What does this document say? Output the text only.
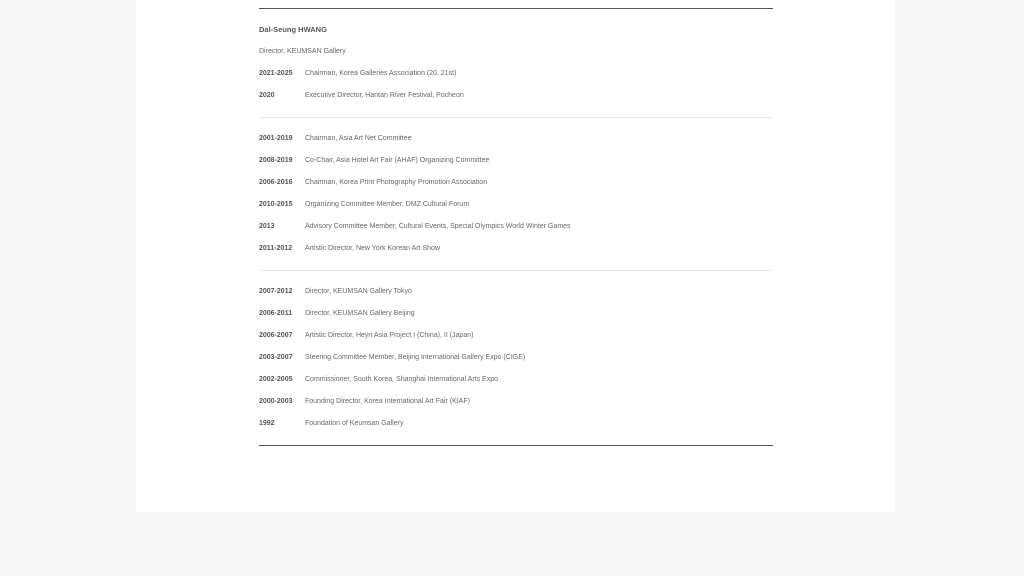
Dal-Seung HWANG
Director, KEUMSAN Gallery
2021-2025	Chairman, Korea Galleries Association (20, 21st)
2020	Executive Director, Hantan River Festival, Pocheon
2001-2019	Chairman, Asia Art Net Committee
2008-2019	Co-Chair, Asia Hotel Art Fair (AHAF) Organizing Committee
2006-2016	Chairman, Korea Print Photography Promotion Association
2010-2015	Organizing Committee Member, DMZ Cultural Forum
2013	Advisory Committee Member, Cultural Events, Special Olympics World Winter Games
2011-2012	Artistic Director, New York Korean Art Show
2007-2012	Director, KEUMSAN Gallery Tokyo
2006-2011	Director, KEUMSAN Gallery Beijing
2006-2007	Artistic Director, Heyri Asia Project I (China), II (Japan)
2003-2007	Steering Committee Member, Beijing International Gallery Expo (CIGE)
2002-2005	Commissioner, South Korea, Shanghai International Arts Expo
2000-2003	Founding Director, Korea International Art Fair (KIAF)
1992	Foundation of Keumsan Gallery
